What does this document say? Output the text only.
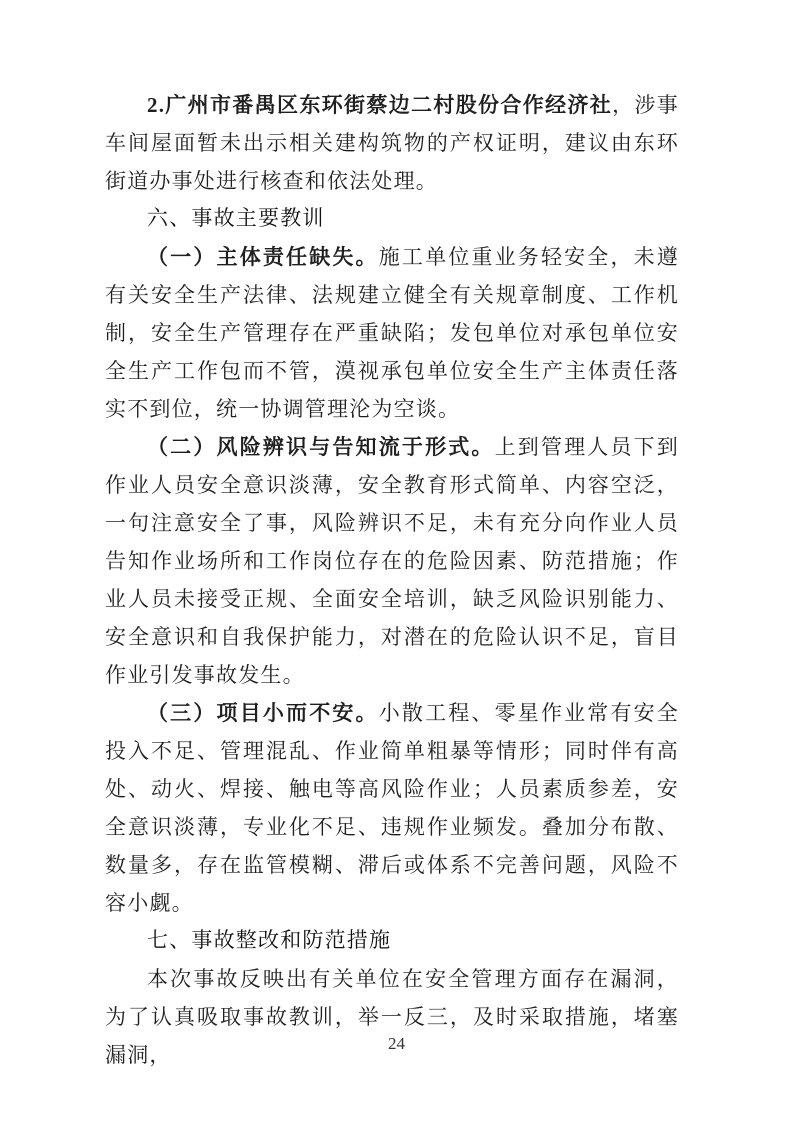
2.广州市番禺区东环街蔡边二村股份合作经济社，涉事车间屋面暂未出示相关建构筑物的产权证明，建议由东环街道办事处进行核查和依法处理。

六、事故主要教训

（一）主体责任缺失。施工单位重业务轻安全，未遵有关安全生产法律、法规建立健全有关规章制度、工作机制，安全生产管理存在严重缺陷；发包单位对承包单位安全生产工作包而不管，漠视承包单位安全生产主体责任落实不到位，统一协调管理沦为空谈。

（二）风险辨识与告知流于形式。上到管理人员下到作业人员安全意识淡薄，安全教育形式简单、内容空泛，一句注意安全了事，风险辨识不足，未有充分向作业人员告知作业场所和工作岗位存在的危险因素、防范措施；作业人员未接受正规、全面安全培训，缺乏风险识别能力、安全意识和自我保护能力，对潜在的危险认识不足，盲目作业引发事故发生。

（三）项目小而不安。小散工程、零星作业常有安全投入不足、管理混乱、作业简单粗暴等情形；同时伴有高处、动火、焊接、触电等高风险作业；人员素质参差，安全意识淡薄，专业化不足、违规作业频发。叠加分布散、数量多，存在监管模糊、滞后或体系不完善问题，风险不容小觑。

七、事故整改和防范措施

本次事故反映出有关单位在安全管理方面存在漏洞，为了认真吸取事故教训，举一反三，及时采取措施，堵塞漏洞，	24
